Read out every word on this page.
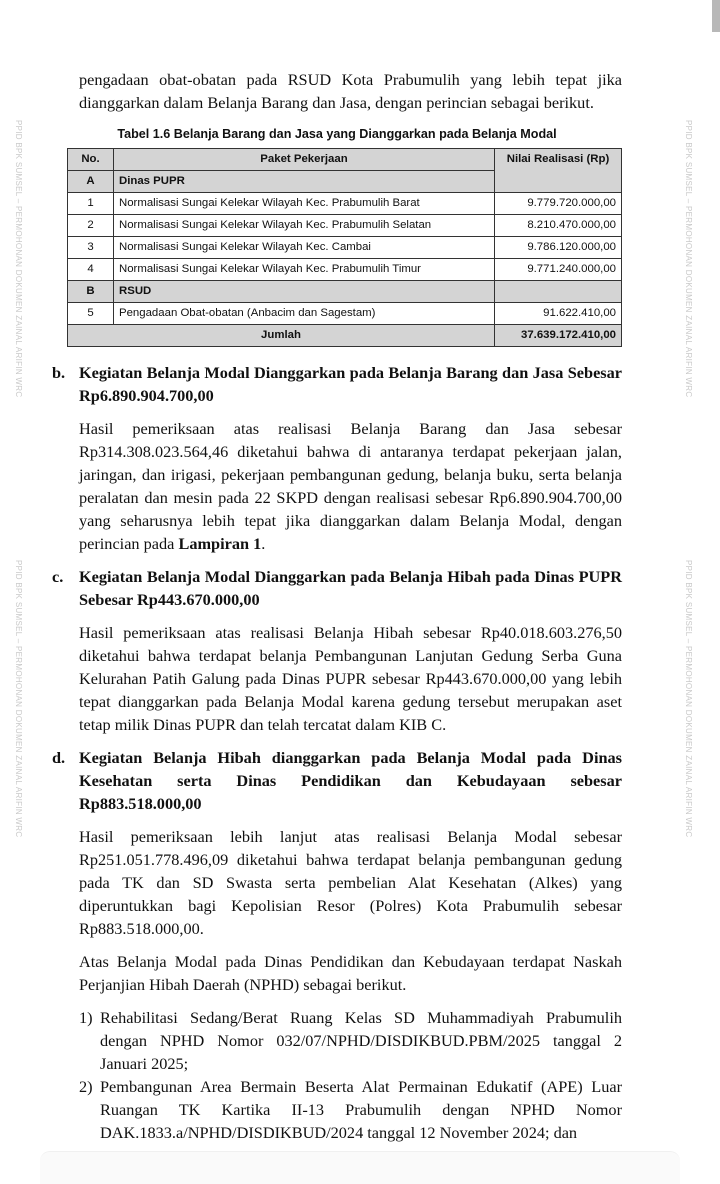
PPID BPK SUMSEL – PERMOHONAN DOKUMEN ZAINAL ARIFIN WRC
PPID BPK SUMSEL – PERMOHONAN DOKUMEN ZAINAL ARIFIN WRC
PPID BPK SUMSEL – PERMOHONAN DOKUMEN ZAINAL ARIFIN WRC
PPID BPK SUMSEL – PERMOHONAN DOKUMEN ZAINAL ARIFIN WRC

pengadaan obat-obatan pada RSUD Kota Prabumulih yang lebih tepat jika dianggarkan dalam Belanja Barang dan Jasa, dengan perincian sebagai berikut.

Tabel 1.6 Belanja Barang dan Jasa yang Dianggarkan pada Belanja Modal
No.	Paket Pekerjaan	Nilai Realisasi (Rp)
A	Dinas PUPR	
1	Normalisasi Sungai Kelekar Wilayah Kec. Prabumulih Barat	9.779.720.000,00
2	Normalisasi Sungai Kelekar Wilayah Kec. Prabumulih Selatan	8.210.470.000,00
3	Normalisasi Sungai Kelekar Wilayah Kec. Cambai	9.786.120.000,00
4	Normalisasi Sungai Kelekar Wilayah Kec. Prabumulih Timur	9.771.240.000,00
B	RSUD	
5	Pengadaan Obat-obatan (Anbacim dan Sagestam)	91.622.410,00
Jumlah		37.639.172.410,00
b. Kegiatan Belanja Modal Dianggarkan pada Belanja Barang dan Jasa Sebesar Rp6.890.904.700,00

Hasil pemeriksaan atas realisasi Belanja Barang dan Jasa sebesar Rp314.308.023.564,46 diketahui bahwa di antaranya terdapat pekerjaan jalan, jaringan, dan irigasi, pekerjaan pembangunan gedung, belanja buku, serta belanja peralatan dan mesin pada 22 SKPD dengan realisasi sebesar Rp6.890.904.700,00 yang seharusnya lebih tepat jika dianggarkan dalam Belanja Modal, dengan perincian pada Lampiran 1.

c. Kegiatan Belanja Modal Dianggarkan pada Belanja Hibah pada Dinas PUPR Sebesar Rp443.670.000,00

Hasil pemeriksaan atas realisasi Belanja Hibah sebesar Rp40.018.603.276,50 diketahui bahwa terdapat belanja Pembangunan Lanjutan Gedung Serba Guna Kelurahan Patih Galung pada Dinas PUPR sebesar Rp443.670.000,00 yang lebih tepat dianggarkan pada Belanja Modal karena gedung tersebut merupakan aset tetap milik Dinas PUPR dan telah tercatat dalam KIB C.

d. Kegiatan Belanja Hibah dianggarkan pada Belanja Modal pada Dinas Kesehatan serta Dinas Pendidikan dan Kebudayaan sebesar Rp883.518.000,00

Hasil pemeriksaan lebih lanjut atas realisasi Belanja Modal sebesar Rp251.051.778.496,09 diketahui bahwa terdapat belanja pembangunan gedung pada TK dan SD Swasta serta pembelian Alat Kesehatan (Alkes) yang diperuntukkan bagi Kepolisian Resor (Polres) Kota Prabumulih sebesar Rp883.518.000,00.

Atas Belanja Modal pada Dinas Pendidikan dan Kebudayaan terdapat Naskah Perjanjian Hibah Daerah (NPHD) sebagai berikut.

1) Rehabilitasi Sedang/Berat Ruang Kelas SD Muhammadiyah Prabumulih dengan NPHD Nomor 032/07/NPHD/DISDIKBUD.PBM/2025 tanggal 2 Januari 2025;
2) Pembangunan Area Bermain Beserta Alat Permainan Edukatif (APE) Luar Ruangan TK Kartika II-13 Prabumulih dengan NPHD Nomor DAK.1833.a/NPHD/DISDIKBUD/2024 tanggal 12 November 2024; dan
